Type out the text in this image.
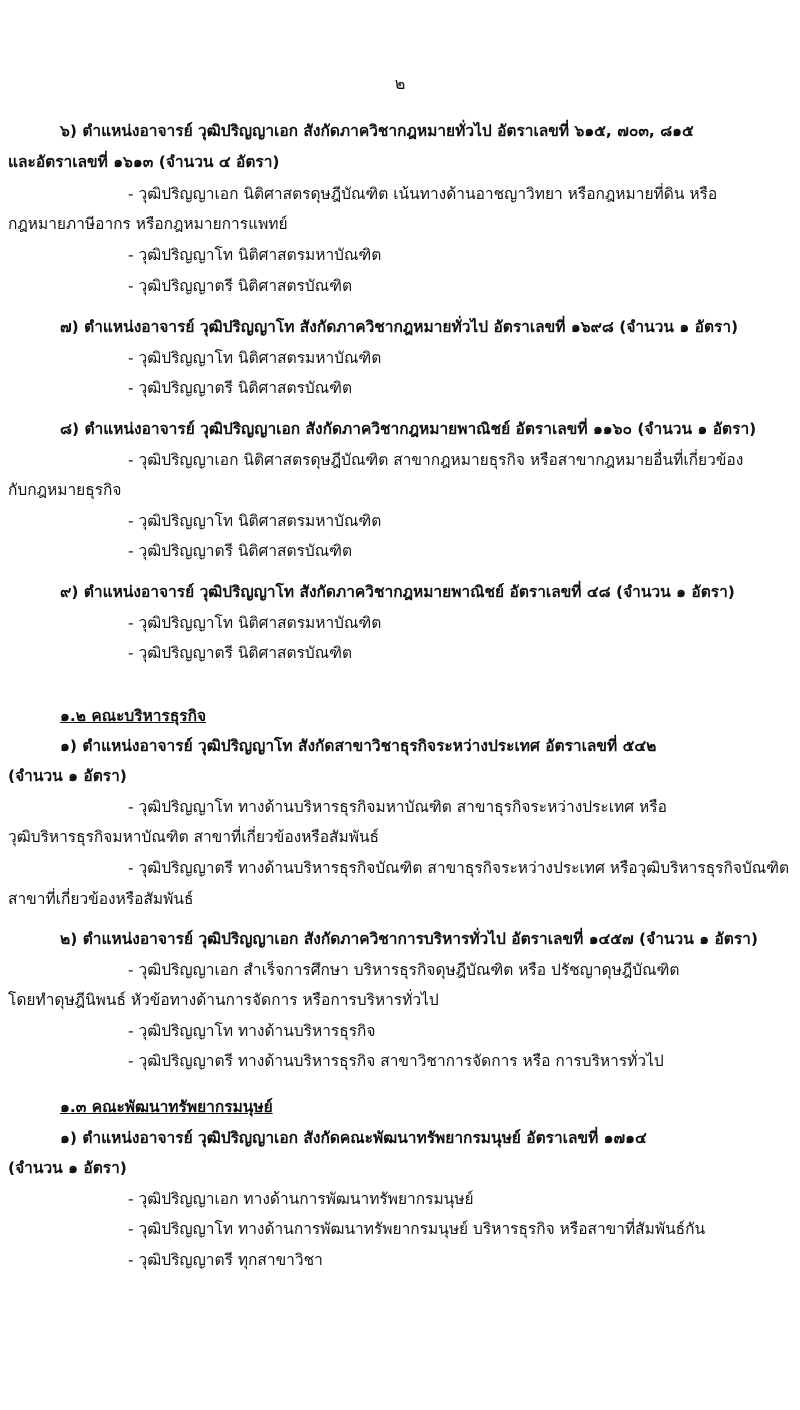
๒
๖) ตำแหน่งอาจารย์ วุฒิปริญญาเอก สังกัดภาควิชากฎหมายทั่วไป อัตราเลขที่ ๖๑๕, ๗๐๓, ๘๑๕
และอัตราเลขที่ ๑๖๑๓ (จำนวน ๔ อัตรา)
- วุฒิปริญญาเอก นิติศาสตรดุษฎีบัณฑิต เน้นทางด้านอาชญาวิทยา หรือกฎหมายที่ดิน หรือ
กฎหมายภาษีอากร หรือกฎหมายการแพทย์
- วุฒิปริญญาโท นิติศาสตรมหาบัณฑิต
- วุฒิปริญญาตรี นิติศาสตรบัณฑิต
๗) ตำแหน่งอาจารย์ วุฒิปริญญาโท สังกัดภาควิชากฎหมายทั่วไป อัตราเลขที่ ๑๖๙๘ (จำนวน ๑ อัตรา)
- วุฒิปริญญาโท นิติศาสตรมหาบัณฑิต
- วุฒิปริญญาตรี นิติศาสตรบัณฑิต
๘) ตำแหน่งอาจารย์ วุฒิปริญญาเอก สังกัดภาควิชากฎหมายพาณิชย์ อัตราเลขที่ ๑๑๖๐ (จำนวน ๑ อัตรา)
- วุฒิปริญญาเอก นิติศาสตรดุษฎีบัณฑิต สาขากฎหมายธุรกิจ หรือสาขากฎหมายอื่นที่เกี่ยวข้อง
กับกฎหมายธุรกิจ
- วุฒิปริญญาโท นิติศาสตรมหาบัณฑิต
- วุฒิปริญญาตรี นิติศาสตรบัณฑิต
๙) ตำแหน่งอาจารย์ วุฒิปริญญาโท สังกัดภาควิชากฎหมายพาณิชย์ อัตราเลขที่ ๔๘ (จำนวน ๑ อัตรา)
- วุฒิปริญญาโท นิติศาสตรมหาบัณฑิต
- วุฒิปริญญาตรี นิติศาสตรบัณฑิต
๑.๒ คณะบริหารธุรกิจ
๑) ตำแหน่งอาจารย์ วุฒิปริญญาโท สังกัดสาขาวิชาธุรกิจระหว่างประเทศ อัตราเลขที่ ๕๔๒
(จำนวน ๑ อัตรา)
- วุฒิปริญญาโท ทางด้านบริหารธุรกิจมหาบัณฑิต สาขาธุรกิจระหว่างประเทศ หรือ
วุฒิบริหารธุรกิจมหาบัณฑิต สาขาที่เกี่ยวข้องหรือสัมพันธ์
- วุฒิปริญญาตรี ทางด้านบริหารธุรกิจบัณฑิต สาขาธุรกิจระหว่างประเทศ หรือวุฒิบริหารธุรกิจบัณฑิต
สาขาที่เกี่ยวข้องหรือสัมพันธ์
๒) ตำแหน่งอาจารย์ วุฒิปริญญาเอก สังกัดภาควิชาการบริหารทั่วไป อัตราเลขที่ ๑๔๕๗ (จำนวน ๑ อัตรา)
- วุฒิปริญญาเอก สำเร็จการศึกษา บริหารธุรกิจดุษฎีบัณฑิต หรือ ปรัชญาดุษฎีบัณฑิต
โดยทำดุษฎีนิพนธ์ หัวข้อทางด้านการจัดการ หรือการบริหารทั่วไป
- วุฒิปริญญาโท ทางด้านบริหารธุรกิจ
- วุฒิปริญญาตรี ทางด้านบริหารธุรกิจ สาขาวิชาการจัดการ หรือ การบริหารทั่วไป
๑.๓ คณะพัฒนาทรัพยากรมนุษย์
๑) ตำแหน่งอาจารย์ วุฒิปริญญาเอก สังกัดคณะพัฒนาทรัพยากรมนุษย์ อัตราเลขที่ ๑๗๑๔
(จำนวน ๑ อัตรา)
- วุฒิปริญญาเอก ทางด้านการพัฒนาทรัพยากรมนุษย์
- วุฒิปริญญาโท ทางด้านการพัฒนาทรัพยากรมนุษย์ บริหารธุรกิจ หรือสาขาที่สัมพันธ์กัน
- วุฒิปริญญาตรี ทุกสาขาวิชา
